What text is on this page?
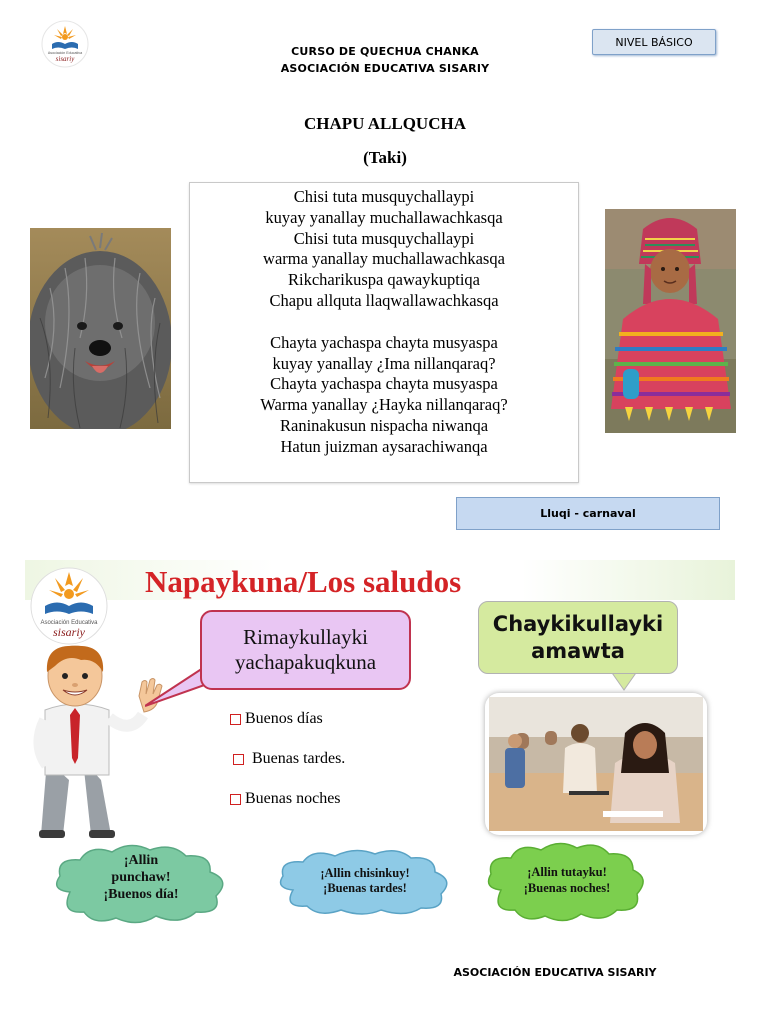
Asociación Educativa
sisariy
CURSO DE QUECHUA CHANKA
ASOCIACIÓN EDUCATIVA SISARIY
NIVEL BÁSICO
CHAPU ALLQUCHA
(Taki)
Chisi tuta musquychallaypi
kuyay yanallay muchallawachkasqa
Chisi tuta musquychallaypi
warma yanallay muchallawachkasqa
Rikcharikuspa qawaykuptiqa
Chapu allquta llaqwallawachkasqa
Chayta yachaspa chayta musyaspa
kuyay yanallay ¿Ima nillanqaraq?
Chayta yachaspa chayta musyaspa
Warma yanallay ¿Hayka nillanqaraq?
Raninakusun nispacha niwanqa
Hatun juizman aysarachiwanqa
Lluqi - carnaval
Asociación Educativa
sisariy
Napaykuna/Los saludos
Rimaykullayki
yachapakuqkuna
Chaykikullayki
amawta
Buenos días
Buenas tardes.
Buenas noches
¡Allin
punchaw!
¡Buenos día!
¡Allin chisinkuy!
¡Buenas tardes!
¡Allin tutayku!
¡Buenas noches!
ASOCIACIÓN EDUCATIVA SISARIY
